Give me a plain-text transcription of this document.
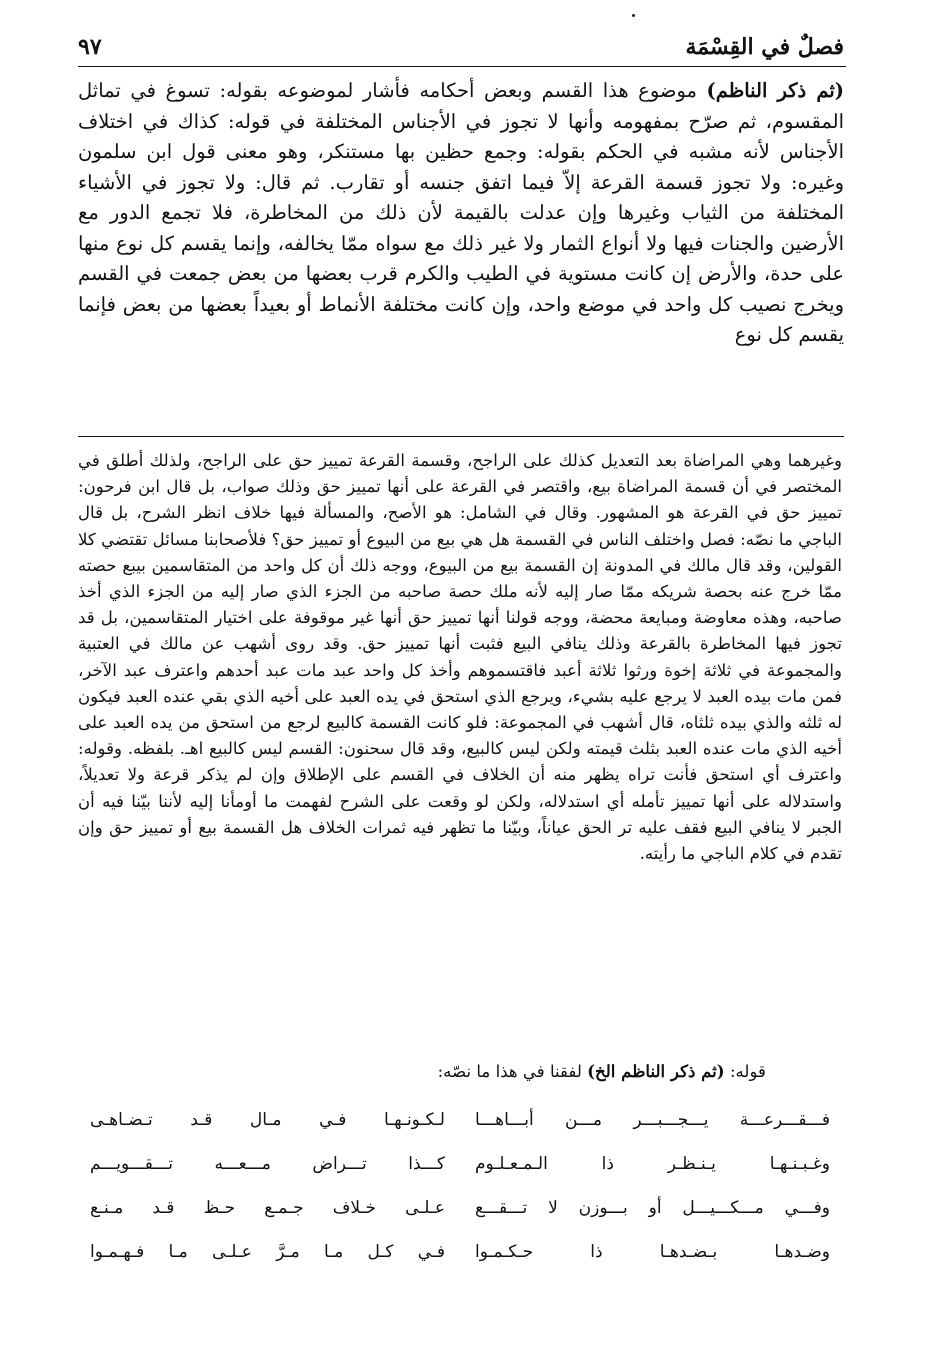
فصلٌ في القِسْمَة
٩٧

(ثم ذكر الناظم) موضوع هذا القسم وبعض أحكامه فأشار لموضوعه بقوله: تسوغ في تماثل المقسوم، ثم صرّح بمفهومه وأنها لا تجوز في الأجناس المختلفة في قوله: كذاك في اختلاف الأجناس لأنه مشبه في الحكم بقوله: وجمع حظين بها مستنكر، وهو معنى قول ابن سلمون وغيره: ولا تجوز قسمة القرعة إلاّ فيما اتفق جنسه أو تقارب. ثم قال: ولا تجوز في الأشياء المختلفة من الثياب وغيرها وإن عدلت بالقيمة لأن ذلك من المخاطرة، فلا تجمع الدور مع الأرضين والجنات فيها ولا أنواع الثمار ولا غير ذلك مع سواه ممّا يخالفه، وإنما يقسم كل نوع منها على حدة، والأرض إن كانت مستوية في الطيب والكرم قرب بعضها من بعض جمعت في القسم ويخرج نصيب كل واحد في موضع واحد، وإن كانت مختلفة الأنماط أو بعيداً بعضها من بعض فإنما يقسم كل نوع

وغيرهما وهي المراضاة بعد التعديل كذلك على الراجح، وقسمة القرعة تمييز حق على الراجح، ولذلك أطلق في المختصر في أن قسمة المراضاة بيع، واقتصر في القرعة على أنها تمييز حق وذلك صواب، بل قال ابن فرحون: تمييز حق في القرعة هو المشهور. وقال في الشامل: هو الأصح، والمسألة فيها خلاف انظر الشرح، بل قال الباجي ما نصّه: فصل واختلف الناس في القسمة هل هي بيع من البيوع أو تمييز حق؟ فلأصحابنا مسائل تقتضي كلا القولين، وقد قال مالك في المدونة إن القسمة بيع من البيوع، ووجه ذلك أن كل واحد من المتقاسمين بيبع حصته ممّا خرج عنه بحصة شريكه ممّا صار إليه لأنه ملك حصة صاحبه من الجزء الذي صار إليه من الجزء الذي أخذ صاحبه، وهذه معاوضة ومبايعة محضة، ووجه قولنا أنها تمييز حق أنها غير موقوفة على اختيار المتقاسمين، بل قد تجوز فيها المخاطرة بالقرعة وذلك ينافي البيع فثبت أنها تمييز حق. وقد روى أشهب عن مالك في العتبية والمجموعة في ثلاثة إخوة ورثوا ثلاثة أعبد فاقتسموهم وأخذ كل واحد عبد مات عبد أحدهم واعترف عبد الآخر، فمن مات بيده العبد لا يرجع عليه بشيء، ويرجع الذي استحق في يده العبد على أخيه الذي بقي عنده العبد فيكون له ثلثه والذي بيده ثلثاه، قال أشهب في المجموعة: فلو كانت القسمة كالبيع لرجع من استحق من يده العبد على أخيه الذي مات عنده العبد بثلث قيمته ولكن ليس كالبيع، وقد قال سحنون: القسم ليس كالبيع اهـ. بلفظه. وقوله: واعترف أي استحق فأنت تراه يظهر منه أن الخلاف في القسم على الإطلاق وإن لم يذكر قرعة ولا تعديلاً، واستدلاله على أنها تمييز تأمله أي استدلاله، ولكن لو وقعت على الشرح لفهمت ما أومأنا إليه لأننا بيّنا فيه أن الجبر لا ينافي البيع فقف عليه تر الحق عياناً، وبيّنا ما تظهر فيه ثمرات الخلاف هل القسمة بيع أو تمييز حق وإن تقدم في كلام الباجي ما رأيته.

قوله: (ثم ذكر الناظم الخ) لفقنا في هذا ما نصّه:
فـــقـــرعـــة يـــجـــبـــر مـــن أبـــاهـــا
لـكـونـهـا فـي مـال قـد تـضـاهـى
وغـبـنـهـا يـنـظـر ذا الـمـعـلـوم
كـــذا تـــراض مـــعـــه تـــقـــويـــم
وفـــي مـــكـــيـــل أو بـــوزن لا تـــقـــع
عـلـى خـلاف جـمـع حـظ قـد مـنـع
وضـدهـا بـضـدهـا ذا حـكـمـوا
فـي كـل مـا مـرَّ عـلـى مـا فـهـمـوا
